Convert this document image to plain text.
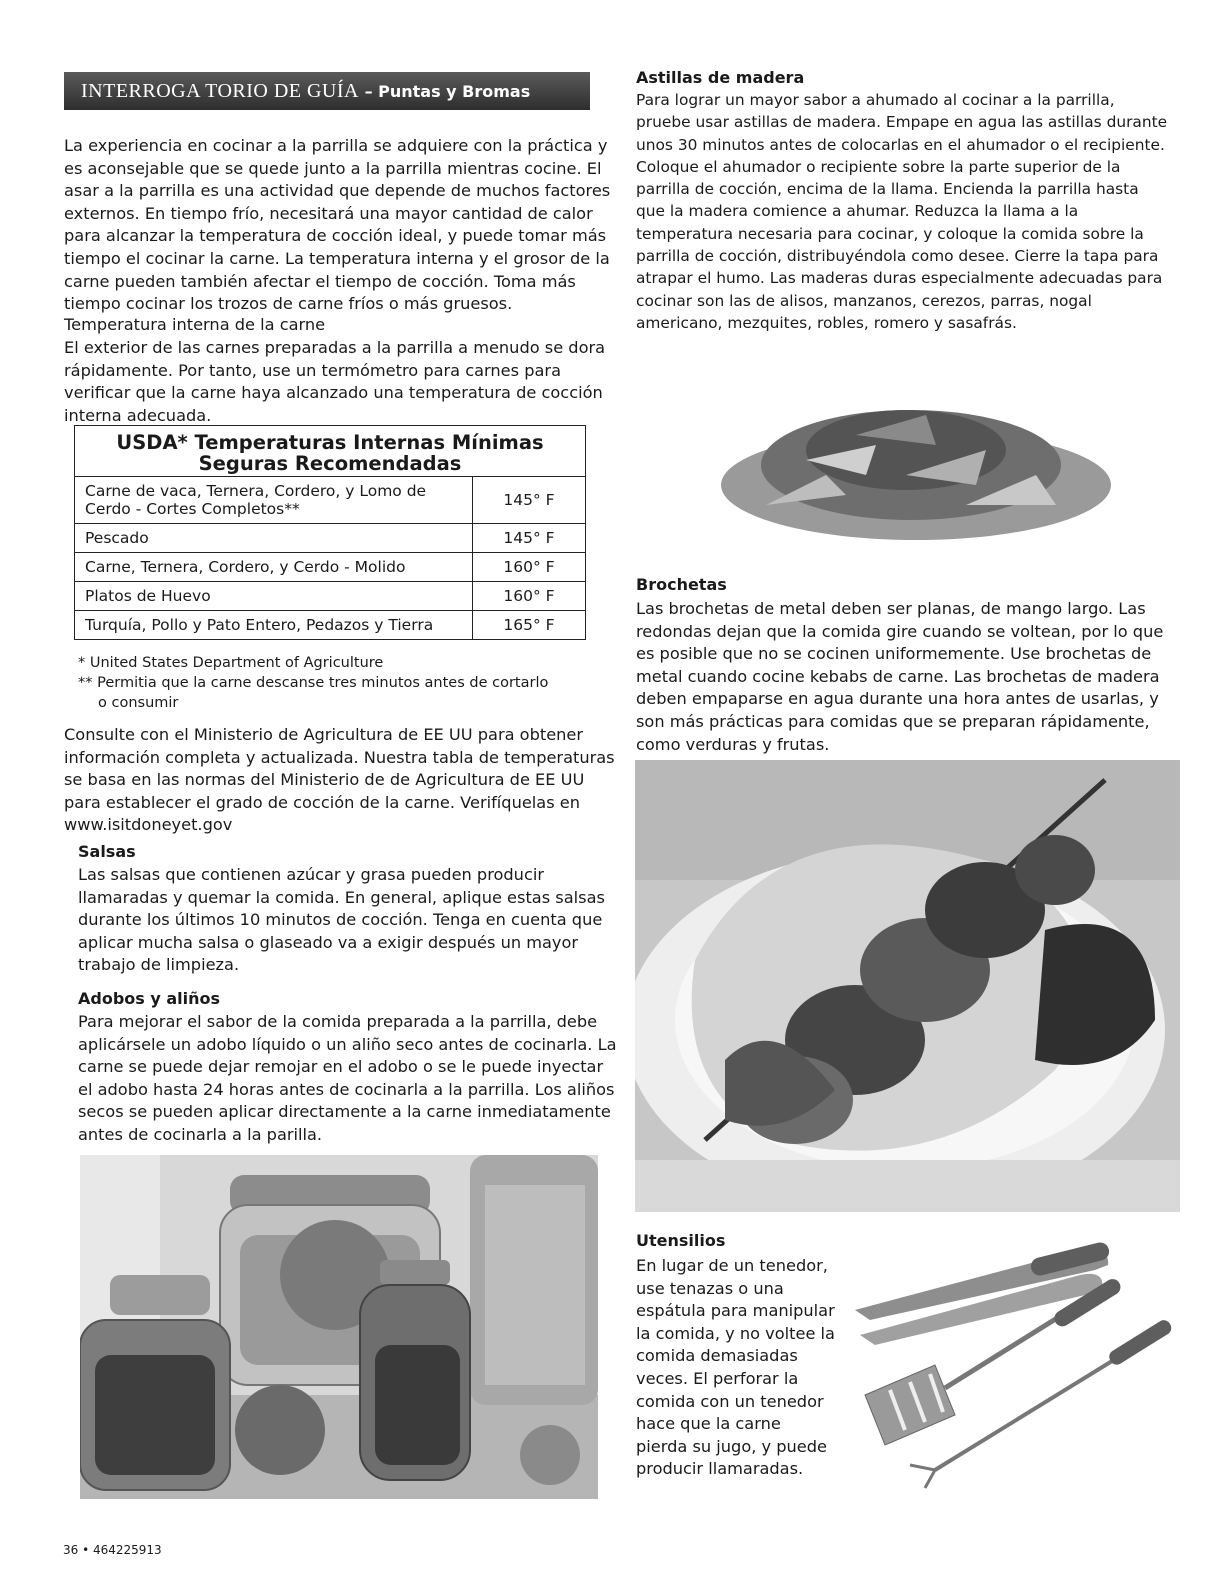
INTERROGA TORIO DE GUÍA – Puntas y Bromas

La experiencia en cocinar a la parrilla se adquiere con la práctica y es aconsejable que se quede junto a la parrilla mientras cocine. El asar a la parrilla es una actividad que depende de muchos factores externos. En tiempo frío, necesitará una mayor cantidad de calor para alcanzar la temperatura de cocción ideal, y puede tomar más tiempo el cocinar la carne. La temperatura interna y el grosor de la carne pueden también afectar el tiempo de cocción. Toma más tiempo cocinar los trozos de carne fríos o más gruesos.

Temperatura interna de la carne

El exterior de las carnes preparadas a la parrilla a menudo se dora rápidamente. Por tanto, use un termómetro para carnes para verificar que la carne haya alcanzado una temperatura de cocción interna adecuada.

USDA* Temperaturas Internas Mínimas Seguras Recomendadas	
Carne de vaca, Ternera, Cordero, y Lomo de Cerdo - Cortes Completos**	145° F
Pescado	145° F
Carne, Ternera, Cordero, y Cerdo - Molido	160° F
Platos de Huevo	160° F
Turquía, Pollo y Pato Entero, Pedazos y Tierra	165° F

* United States Department of Agriculture

** Permitia que la carne descanse tres minutos antes de cortarlo o consumir

Consulte con el Ministerio de Agricultura de EE UU para obtener información completa y actualizada. Nuestra tabla de temperaturas se basa en las normas del Ministerio de de Agricultura de EE UU para establecer el grado de cocción de la carne. Verifíquelas en www.isitdoneyet.gov

Salsas

Las salsas que contienen azúcar y grasa pueden producir llamaradas y quemar la comida. En general, aplique estas salsas durante los últimos 10 minutos de cocción. Tenga en cuenta que aplicar mucha salsa o glaseado va a exigir después un mayor trabajo de limpieza.

Adobos y aliños

Para mejorar el sabor de la comida preparada a la parrilla, debe aplicársele un adobo líquido o un aliño seco antes de cocinarla. La carne se puede dejar remojar en el adobo o se le puede inyectar el adobo hasta 24 horas antes de cocinarla a la parrilla. Los aliños secos se pueden aplicar directamente a la carne inmediatamente antes de cocinarla a la parilla.

Astillas de madera

Para lograr un mayor sabor a ahumado al cocinar a la parrilla, pruebe usar astillas de madera. Empape en agua las astillas durante unos 30 minutos antes de colocarlas en el ahumador o el recipiente. Coloque el ahumador o recipiente sobre la parte superior de la parrilla de cocción, encima de la llama. Encienda la parrilla hasta que la madera comience a ahumar. Reduzca la llama a la temperatura necesaria para cocinar, y coloque la comida sobre la parrilla de cocción, distribuyéndola como desee. Cierre la tapa para atrapar el humo. Las maderas duras especialmente adecuadas para cocinar son las de alisos, manzanos, cerezos, parras, nogal americano, mezquites, robles, romero y sasafrás.

Brochetas

Las brochetas de metal deben ser planas, de mango largo. Las redondas dejan que la comida gire cuando se voltean, por lo que es posible que no se cocinen uniformemente. Use brochetas de metal cuando cocine kebabs de carne. Las brochetas de madera deben empaparse en agua durante una hora antes de usarlas, y son más prácticas para comidas que se preparan rápidamente, como verduras y frutas.

Utensilios

En lugar de un tenedor, use tenazas o una espátula para manipular la comida, y no voltee la comida demasiadas veces. El perforar la comida con un tenedor hace que la carne pierda su jugo, y puede producir llamaradas.

36 • 464225913
